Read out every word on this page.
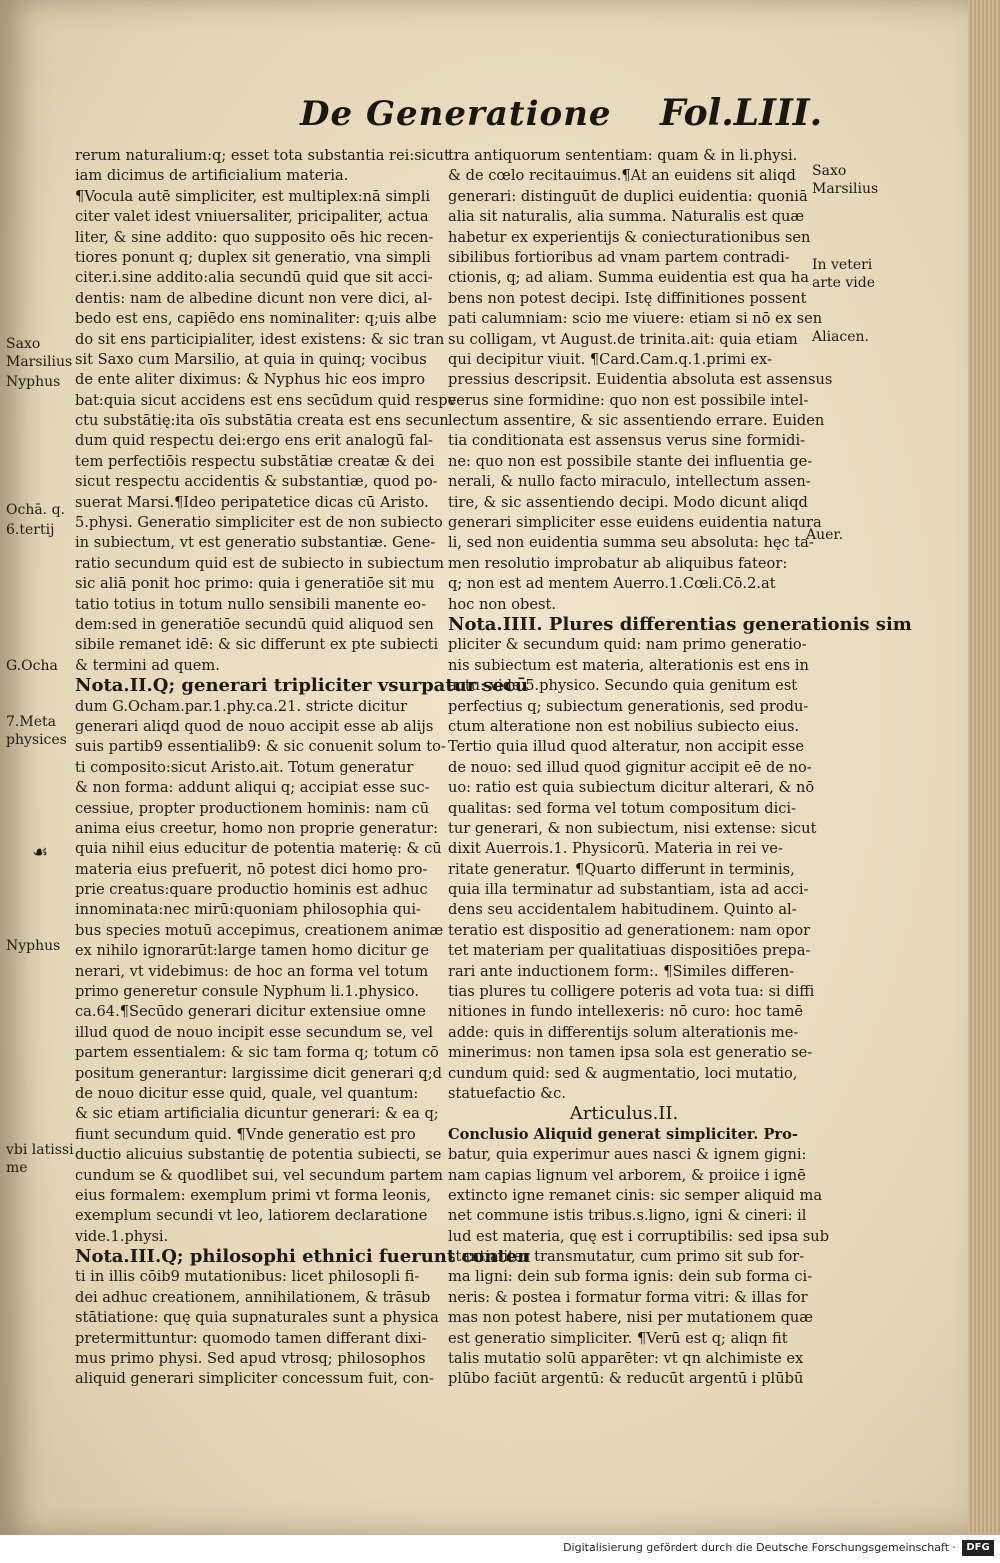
De Generatione Fol.LIII.
rerum naturalium:q; esset tota substantia rei:sicut
iam dicimus de artificialium materia.
¶Vocula autē simpliciter, est multiplex:nā simpli
citer valet idest vniuersaliter, pricipaliter, actua
liter, & sine addito: quo supposito oēs hic recen-
tiores ponunt q; duplex sit generatio, vna simpli
citer.i.sine addito:alia secundū quid que sit acci-
dentis: nam de albedine dicunt non vere dici, al-
bedo est ens, capiēdo ens nominaliter: q;uis albe
do sit ens participialiter, idest existens: & sic tran
sit Saxo cum Marsilio, at quia in quinq; vocibus
de ente aliter diximus: & Nyphus hic eos impro
bat:quia sicut accidens est ens secūdum quid respe
ctu substātię:ita oīs substātia creata est ens secun
dum quid respectu dei:ergo ens erit analogū fal-
tem perfectiōis respectu substātiæ creatæ & dei
sicut respectu accidentis & substantiæ, quod po-
suerat Marsi.¶Ideo peripatetice dicas cū Aristo.
5.physi. Generatio simpliciter est de non subiecto
in subiectum, vt est generatio substantiæ. Gene-
ratio secundum quid est de subiecto in subiectum
sic aliā ponit hoc primo: quia i generatiōe sit mu
tatio totius in totum nullo sensibili manente eo-
dem:sed in generatiōe secundū quid aliquod sen
sibile remanet idē: & sic differunt ex pte subiecti
& termini ad quem.
Nota.II.Q; generari tripliciter vsurpatur secū
dum G.Ocham.par.1.phy.ca.21. stricte dicitur
generari aliqd quod de nouo accipit esse ab alijs
suis partib9 essentialib9: & sic conuenit solum to-
ti composito:sicut Aristo.ait. Totum generatur
& non forma: addunt aliqui q; accipiat esse suc-
cessiue, propter productionem hominis: nam cū
anima eius creetur, homo non proprie generatur:
quia nihil eius educitur de potentia materię: & cū
materia eius prefuerit, nō potest dici homo pro-
prie creatus:quare productio hominis est adhuc
innominata:nec mirū:quoniam philosophia qui-
bus species motuū accepimus, creationem animæ
ex nihilo ignorarūt:large tamen homo dicitur ge
nerari, vt videbimus: de hoc an forma vel totum
primo generetur consule Nyphum li.1.physico.
ca.64.¶Secūdo generari dicitur extensiue omne
illud quod de nouo incipit esse secundum se, vel
partem essentialem: & sic tam forma q; totum cō
positum generantur: largissime dicit generari q;d
de nouo dicitur esse quid, quale, vel quantum:
& sic etiam artificialia dicuntur generari: & ea q;
fiunt secundum quid. ¶Vnde generatio est pro
ductio alicuius substantię de potentia subiecti, se
cundum se & quodlibet sui, vel secundum partem
eius formalem: exemplum primi vt forma leonis,
exemplum secundi vt leo, latiorem declaratione
vide.1.physi.
Nota.III.Q; philosophi ethnici fuerunt conten
ti in illis cōib9 mutationibus: licet philosopli fi-
dei adhuc creationem, annihilationem, & trāsub
stātiatione: quę quia supnaturales sunt a physica
pretermittuntur: quomodo tamen differant dixi-
mus primo physi. Sed apud vtrosq; philosophos
aliquid generari simpliciter concessum fuit, con-
tra antiquorum sententiam: quam & in li.physi.
& de cœlo recitauimus.¶At an euidens sit aliqd
generari: distinguūt de duplici euidentia: quoniā
alia sit naturalis, alia summa. Naturalis est quæ
habetur ex experientijs & coniecturationibus sen
sibilibus fortioribus ad vnam partem contradi-
ctionis, q; ad aliam. Summa euidentia est qua ha
bens non potest decipi. Istę diffinitiones possent
pati calumniam: scio me viuere: etiam si nō ex sen
su colligam, vt August.de trinita.ait: quia etiam
qui decipitur viuit. ¶Card.Cam.q.1.primi ex-
pressius descripsit. Euidentia absoluta est assensus
verus sine formidine: quo non est possibile intel-
lectum assentire, & sic assentiendo errare. Euiden
tia conditionata est assensus verus sine formidi-
ne: quo non est possibile stante dei influentia ge-
nerali, & nullo facto miraculo, intellectum assen-
tire, & sic assentiendo decipi. Modo dicunt aliqd
generari simpliciter esse euidens euidentia natura
li, sed non euidentia summa seu absoluta: hęc ta-
men resolutio improbatur ab aliquibus fateor:
q; non est ad mentem Auerro.1.Cœli.Cō.2.at
hoc non obest.
Nota.IIII. Plures differentias generationis sim
pliciter & secundum quid: nam primo generatio-
nis subiectum est materia, alterationis est ens in
actu: vide.5.physico. Secundo quia genitum est
perfectius q; subiectum generationis, sed produ-
ctum alteratione non est nobilius subiecto eius.
Tertio quia illud quod alteratur, non accipit esse
de nouo: sed illud quod gignitur accipit eē de no-
uo: ratio est quia subiectum dicitur alterari, & nō
qualitas: sed forma vel totum compositum dici-
tur generari, & non subiectum, nisi extense: sicut
dixit Auerrois.1. Physicorū. Materia in rei ve-
ritate generatur. ¶Quarto differunt in terminis,
quia illa terminatur ad substantiam, ista ad acci-
dens seu accidentalem habitudinem. Quinto al-
teratio est dispositio ad generationem: nam opor
tet materiam per qualitatiuas dispositiōes prepa-
rari ante inductionem form:. ¶Similes differen-
tias plures tu colligere poteris ad vota tua: si diffi
nitiones in fundo intellexeris: nō curo: hoc tamē
adde: quis in differentijs solum alterationis me-
minerimus: non tamen ipsa sola est generatio se-
cundum quid: sed & augmentatio, loci mutatio,
statuefactio &c.
Articulus.II.
Conclusio Aliquid generat simpliciter. Pro-
batur, quia experimur aues nasci & ignem gigni:
nam capias lignum vel arborem, & proiice i ignē
extincto igne remanet cinis: sic semper aliquid ma
net commune istis tribus.s.ligno, igni & cineri: il
lud est materia, quę est i corruptibilis: sed ipsa sub
stantialiter transmutatur, cum primo sit sub for-
ma ligni: dein sub forma ignis: dein sub forma ci-
neris: & postea i formatur forma vitri: & illas for
mas non potest habere, nisi per mutationem quæ
est generatio simpliciter. ¶Verū est q; aliqn fit
talis mutatio solū apparēter: vt qn alchimiste ex
plūbo faciūt argentū: & reducūt argentū i plūbū
Saxo
Marsilius
Nyphus
Ochā. q.
6.tertij
G.Ocha
7.Meta
physices
☙
Nyphus
vbi latissi
me
Saxo
Marsilius
In veteri
arte vide
Aliacen.
Auer.
Digitalisierung gefördert durch die Deutsche Forschungsgemeinschaft ·	DFG
